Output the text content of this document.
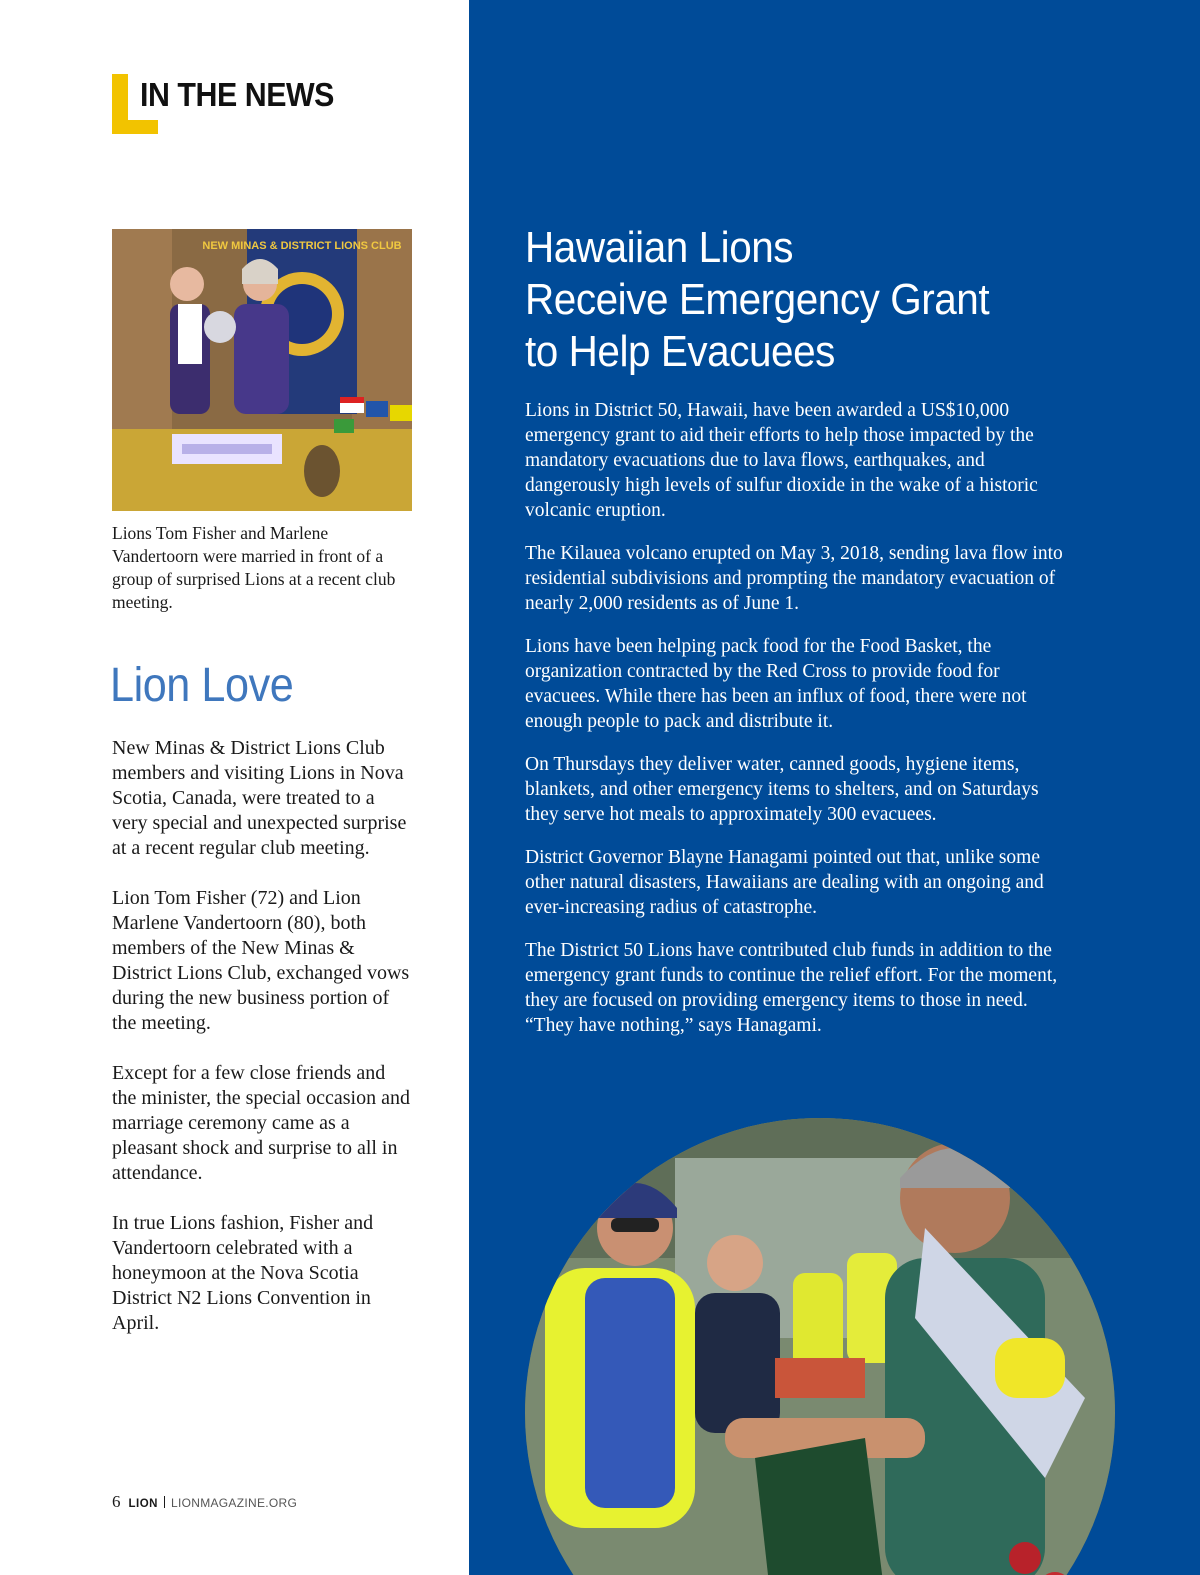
IN THE NEWS
NEW MINAS & DISTRICT LIONS CLUB
Lions Tom Fisher and Marlene Vandertoorn were married in front of a group of surprised Lions at a recent club meeting.
Lion Love

New Minas & District Lions Club members and visiting Lions in Nova Scotia, Canada, were treated to a very special and unexpected surprise at a recent regular club meeting.

Lion Tom Fisher (72) and Lion Marlene Vandertoorn (80), both members of the New Minas & District Lions Club, exchanged vows during the new business portion of the meeting.

Except for a few close friends and the minister, the special occasion and marriage ceremony came as a pleasant shock and surprise to all in attendance.

In true Lions fashion, Fisher and Vandertoorn celebrated with a honeymoon at the Nova Scotia District N2 Lions Convention in April.

6 LION LIONMAGAZINE.ORG
Hawaiian Lions
Receive Emergency Grant
to Help Evacuees

Lions in District 50, Hawaii, have been awarded a US$10,000 emergency grant to aid their efforts to help those impacted by the mandatory evacuations due to lava flows, earthquakes, and dangerously high levels of sulfur dioxide in the wake of a historic volcanic eruption.

The Kilauea volcano erupted on May 3, 2018, sending lava flow into residential subdivisions and prompting the mandatory evacuation of nearly 2,000 residents as of June 1.

Lions have been helping pack food for the Food Basket, the organization contracted by the Red Cross to provide food for evacuees. While there has been an influx of food, there were not enough people to pack and distribute it.

On Thursdays they deliver water, canned goods, hygiene items, blankets, and other emergency items to shelters, and on Saturdays they serve hot meals to approximately 300 evacuees.

District Governor Blayne Hanagami pointed out that, unlike some other natural disasters, Hawaiians are dealing with an ongoing and ever-increasing radius of catastrophe.

The District 50 Lions have contributed club funds in addition to the emergency grant funds to continue the relief effort. For the moment, they are focused on providing emergency items to those in need. “They have nothing,” says Hanagami.
